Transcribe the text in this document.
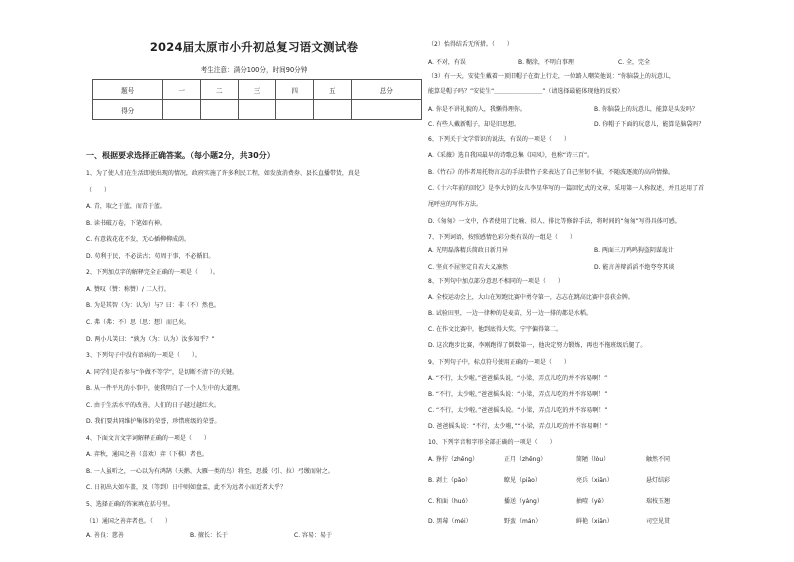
2024届太原市小升初总复习语文测试卷
考生注意：满分100分，时间90分钟
题号	一	二	三	四	五	总分
得分						
一、根据要求选择正确答案。（每小题2分，共30分）
1、为了使人们在生活即使出现的情况，政府实施了许多利民工程，如发放消费券、县长直播带货，真是
（　　）
A. 青，取之于蓝，而青于蓝。
B. 读书破万卷，下笔如有神。
C. 有意栽花花不发，无心插柳柳成荫。
D. 苟利于民，不必法古；苟周于事，不必循旧。
2、下列加点字的解释完全正确的一项是（　　）。
A. 赞叹（赞：称赞）/ 二人行。
B. 为是其智（为：认为）与？曰：非（不）然也。
C. 弗（弗：不）思（思：想）而已矣。
D. 两小儿笑曰：“孰为（为：认为）汝多知乎？”
3、下列句子中没有语病的一项是（　　）。
A. 同学们是否参与“争做不等学”，是切断不清下的关键。
B. 从一件平凡的小事中，使我明白了一个人生中的大道理。
C. 由于生活水平的改善，人们的日子越过越红火。
D. 我们要共同维护集体的荣誉，珍惜班级的荣誉。
4、下面文言文字词解释正确的一项是（　　）
A. 弈秋，通国之善（喜欢）弈（下棋）者也。
B. 一人虽听之，一心以为有鸿鹄（天鹅、大雁一类的鸟）将至，思援（引、拉）弓缴而射之。
C. 日初出大如车盖，及（等到）日中则如盘盂，此不为远者小而近者大乎？
5、选择正确的答案填在括号里。
（1）通国之善弈者也。（　　）
A. 善良：慈善	B. 擅长：长于	C. 容易：易于
（2）怡得结舌无所措。（　　）
A. 不对，有误	B. 糊涂，不明白事理	C. 全，完全
（3）有一天，安徒生戴着一顶旧帽子在街上行走，一位路人嘲笑他说：“你脑袋上的玩意儿，
能算是帽子吗？”安徒生“＿＿＿＿＿＿＿＿”（请选择最能体现他的反驳）
A. 你是不讲礼貌的人，我懒得理你。	B. 你脑袋上的玩意儿，能算是头发吗？
C. 有些人戴新帽子，却是旧思想。	D. 你帽子下面的玩意儿，能算是脑袋吗？
6、下列关于文学常识的说法，有误的一项是（　　）
A.《采薇》选自我国最早的诗歌总集《国风》，也称“诗三百”。
B.《竹石》的作者用托物言志的手法借竹子来表达了自己坚韧不拔，不随波逐流的高尚情操。
C.《十六年前的回忆》是李大钊的女儿李星华写的一篇回忆式的文章，采用第一人称叙述，并且运用了首
尾呼应的写作方法。
D.《匆匆》一文中，作者使用了比喻、拟人、排比等修辞手法，将时间的“匆匆”写得具体可感。
7、下列词语，按照感情色彩分类有误的一组是（　　）
A. 光明磊落精兵简政日新月异	B. 两面三刀鸡鸣狗盗阴谋诡计
C. 坚贞不屈坚定自若大义凛然	D. 能言善辩滔滔不绝夸夸其谈
8、下列句中加点部分意思不相同的一项是（　　）
A. 全校运动会上，大山在短跑比赛中勇夺第一，志志在跳高比赛中喜获金牌。
B. 试验田里，一边一律种的是麦苗，另一边一排的都是水稻。
C. 在作文比赛中，他到底得大奖，宁宇偏得第二。
D. 这次跑步比赛，李刚跑得了倒数第一，他决定努力锻炼，再也不拖班级后腿了。
9、下列句子中，标点符号使用正确的一项是（　　）
A. “不行，太少啦。”爸爸摇头说，“小梁，弄点儿吃的并不容易啊！”
B. “不行，太少啦，”爸爸摇头说：“小梁，弄点儿吃的并不容易啊！”
C. “不行，太少啦。”爸爸摇头说。“小梁，弄点儿吃的并不容易啊！”
D. 爸爸摇头说：“不行，太少啦，”“小梁，弄点儿吃的并不容易啊！”
10、下列字音和字形全部正确的一项是（　　）
A. 狰狞（zhēng）	正月（zhēng）	简陋（lòu）	触然不同
B. 剥土（pāo）	瞭见（piāo）	亮兵（xiān）	悬灯结彩
C. 和面（huó）	播送（yáng）	抽噎（yē）	瑞枝玉翘
D. 黑莓（méi）	野蛮（mán）	鲜艳（xiān）	司空见贯
